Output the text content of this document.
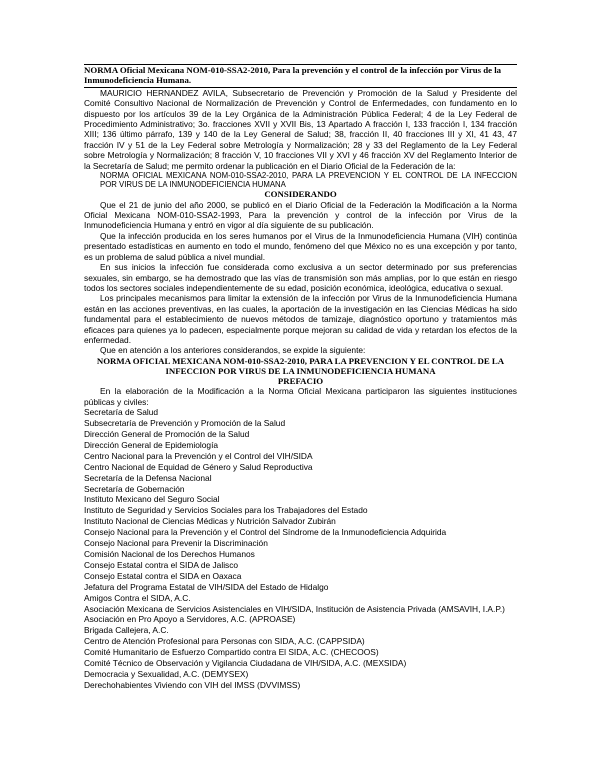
NORMA Oficial Mexicana NOM-010-SSA2-2010, Para la prevención y el control de la infección por Virus de la Inmunodeficiencia Humana.

MAURICIO HERNANDEZ AVILA, Subsecretario de Prevención y Promoción de la Salud y Presidente del Comité Consultivo Nacional de Normalización de Prevención y Control de Enfermedades, con fundamento en lo dispuesto por los artículos 39 de la Ley Orgánica de la Administración Pública Federal; 4 de la Ley Federal de Procedimiento Administrativo; 3o. fracciones XVII y XVII Bis, 13 Apartado A fracción I, 133 fracción I, 134 fracción XIII; 136 último párrafo, 139 y 140 de la Ley General de Salud; 38, fracción II, 40 fracciones III y XI, 41 43, 47 fracción IV y 51 de la Ley Federal sobre Metrología y Normalización; 28 y 33 del Reglamento de la Ley Federal sobre Metrología y Normalización; 8 fracción V, 10 fracciones VII y XVI y 46 fracción XV del Reglamento Interior de la Secretaría de Salud; me permito ordenar la publicación en el Diario Oficial de la Federación de la:

NORMA OFICIAL MEXICANA NOM-010-SSA2-2010, PARA LA PREVENCION Y EL CONTROL DE LA INFECCION POR VIRUS DE LA INMUNODEFICIENCIA HUMANA

CONSIDERANDO

Que el 21 de junio del año 2000, se publicó en el Diario Oficial de la Federación la Modificación a la Norma Oficial Mexicana NOM-010-SSA2-1993, Para la prevención y control de la infección por Virus de la Inmunodeficiencia Humana y entró en vigor al día siguiente de su publicación.

Que la infección producida en los seres humanos por el Virus de la Inmunodeficiencia Humana (VIH) continúa presentado estadísticas en aumento en todo el mundo, fenómeno del que México no es una excepción y por tanto, es un problema de salud pública a nivel mundial.

En sus inicios la infección fue considerada como exclusiva a un sector determinado por sus preferencias sexuales, sin embargo, se ha demostrado que las vías de transmisión son más amplias, por lo que están en riesgo todos los sectores sociales independientemente de su edad, posición económica, ideológica, educativa o sexual.

Los principales mecanismos para limitar la extensión de la infección por Virus de la Inmunodeficiencia Humana están en las acciones preventivas, en las cuales, la aportación de la investigación en las Ciencias Médicas ha sido fundamental para el establecimiento de nuevos métodos de tamizaje, diagnóstico oportuno y tratamientos más eficaces para quienes ya lo padecen, especialmente porque mejoran su calidad de vida y retardan los efectos de la enfermedad.

Que en atención a los anteriores considerandos, se expide la siguiente:

NORMA OFICIAL MEXICANA NOM-010-SSA2-2010, PARA LA PREVENCION Y EL CONTROL DE LA INFECCION POR VIRUS DE LA INMUNODEFICIENCIA HUMANA
PREFACIO

En la elaboración de la Modificación a la Norma Oficial Mexicana participaron las siguientes instituciones públicas y civiles:

Secretaría de Salud

Subsecretaría de Prevención y Promoción de la Salud

Dirección General de Promoción de la Salud

Dirección General de Epidemiología

Centro Nacional para la Prevención y el Control del VIH/SIDA

Centro Nacional de Equidad de Género y Salud Reproductiva

Secretaría de la Defensa Nacional

Secretaría de Gobernación

Instituto Mexicano del Seguro Social

Instituto de Seguridad y Servicios Sociales para los Trabajadores del Estado

Instituto Nacional de Ciencias Médicas y Nutrición Salvador Zubirán

Consejo Nacional para la Prevención y el Control del Síndrome de la Inmunodeficiencia Adquirida

Consejo Nacional para Prevenir la Discriminación

Comisión Nacional de los Derechos Humanos

Consejo Estatal contra el SIDA de Jalisco

Consejo Estatal contra el SIDA en Oaxaca

Jefatura del Programa Estatal de VIH/SIDA del Estado de Hidalgo

Amigos Contra el SIDA, A.C.

Asociación Mexicana de Servicios Asistenciales en VIH/SIDA, Institución de Asistencia Privada (AMSAVIH, I.A.P.)

Asociación en Pro Apoyo a Servidores, A.C. (APROASE)

Brigada Callejera, A.C.

Centro de Atención Profesional para Personas con SIDA, A.C. (CAPPSIDA)

Comité Humanitario de Esfuerzo Compartido contra El SIDA, A.C. (CHECOOS)

Comité Técnico de Observación y Vigilancia Ciudadana de VIH/SIDA, A.C. (MEXSIDA)

Democracia y Sexualidad, A.C. (DEMYSEX)

Derechohabientes Viviendo con VIH del IMSS (DVVIMSS)
